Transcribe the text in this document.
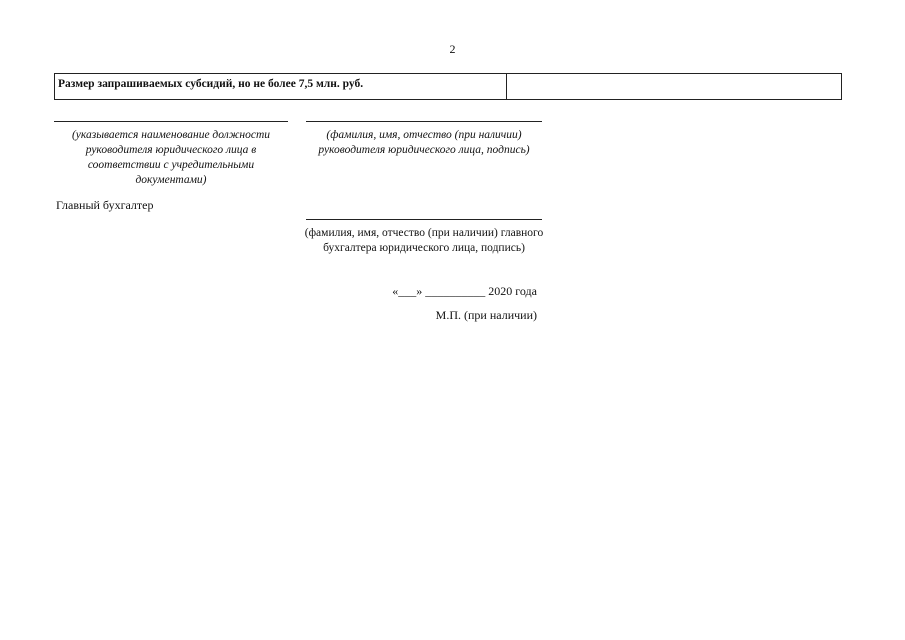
2
Размер запрашиваемых субсидий, но не более 7,5 млн. руб.
(указывается наименование должности руководителя юридического лица в соответствии с учредительными документами)
(фамилия, имя, отчество (при наличии) руководителя юридического лица, подпись)
Главный бухгалтер
(фамилия, имя, отчество (при наличии) главного бухгалтера юридического лица, подпись)
«___» __________ 2020 года
М.П. (при наличии)
